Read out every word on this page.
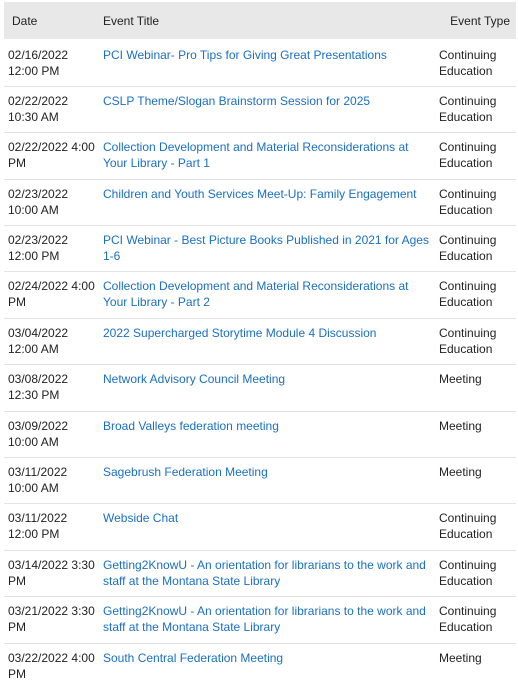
Date	Event Title	Event Type
02/16/2022 12:00 PM	PCI Webinar- Pro Tips for Giving Great Presentations	Continuing Education
02/22/2022 10:30 AM	CSLP Theme/Slogan Brainstorm Session for 2025	Continuing Education
02/22/2022 4:00 PM	Collection Development and Material Reconsiderations at Your Library - Part 1	Continuing Education
02/23/2022 10:00 AM	Children and Youth Services Meet-Up: Family Engagement	Continuing Education
02/23/2022 12:00 PM	PCI Webinar - Best Picture Books Published in 2021 for Ages 1-6	Continuing Education
02/24/2022 4:00 PM	Collection Development and Material Reconsiderations at Your Library - Part 2	Continuing Education
03/04/2022 12:00 AM	2022 Supercharged Storytime Module 4 Discussion	Continuing Education
03/08/2022 12:30 PM	Network Advisory Council Meeting	Meeting
03/09/2022 10:00 AM	Broad Valleys federation meeting	Meeting
03/11/2022 10:00 AM	Sagebrush Federation Meeting	Meeting
03/11/2022 12:00 PM	Webside Chat	Continuing Education
03/14/2022 3:30 PM	Getting2KnowU - An orientation for librarians to the work and staff at the Montana State Library	Continuing Education
03/21/2022 3:30 PM	Getting2KnowU - An orientation for librarians to the work and staff at the Montana State Library	Continuing Education
03/22/2022 4:00 PM	South Central Federation Meeting	Meeting
